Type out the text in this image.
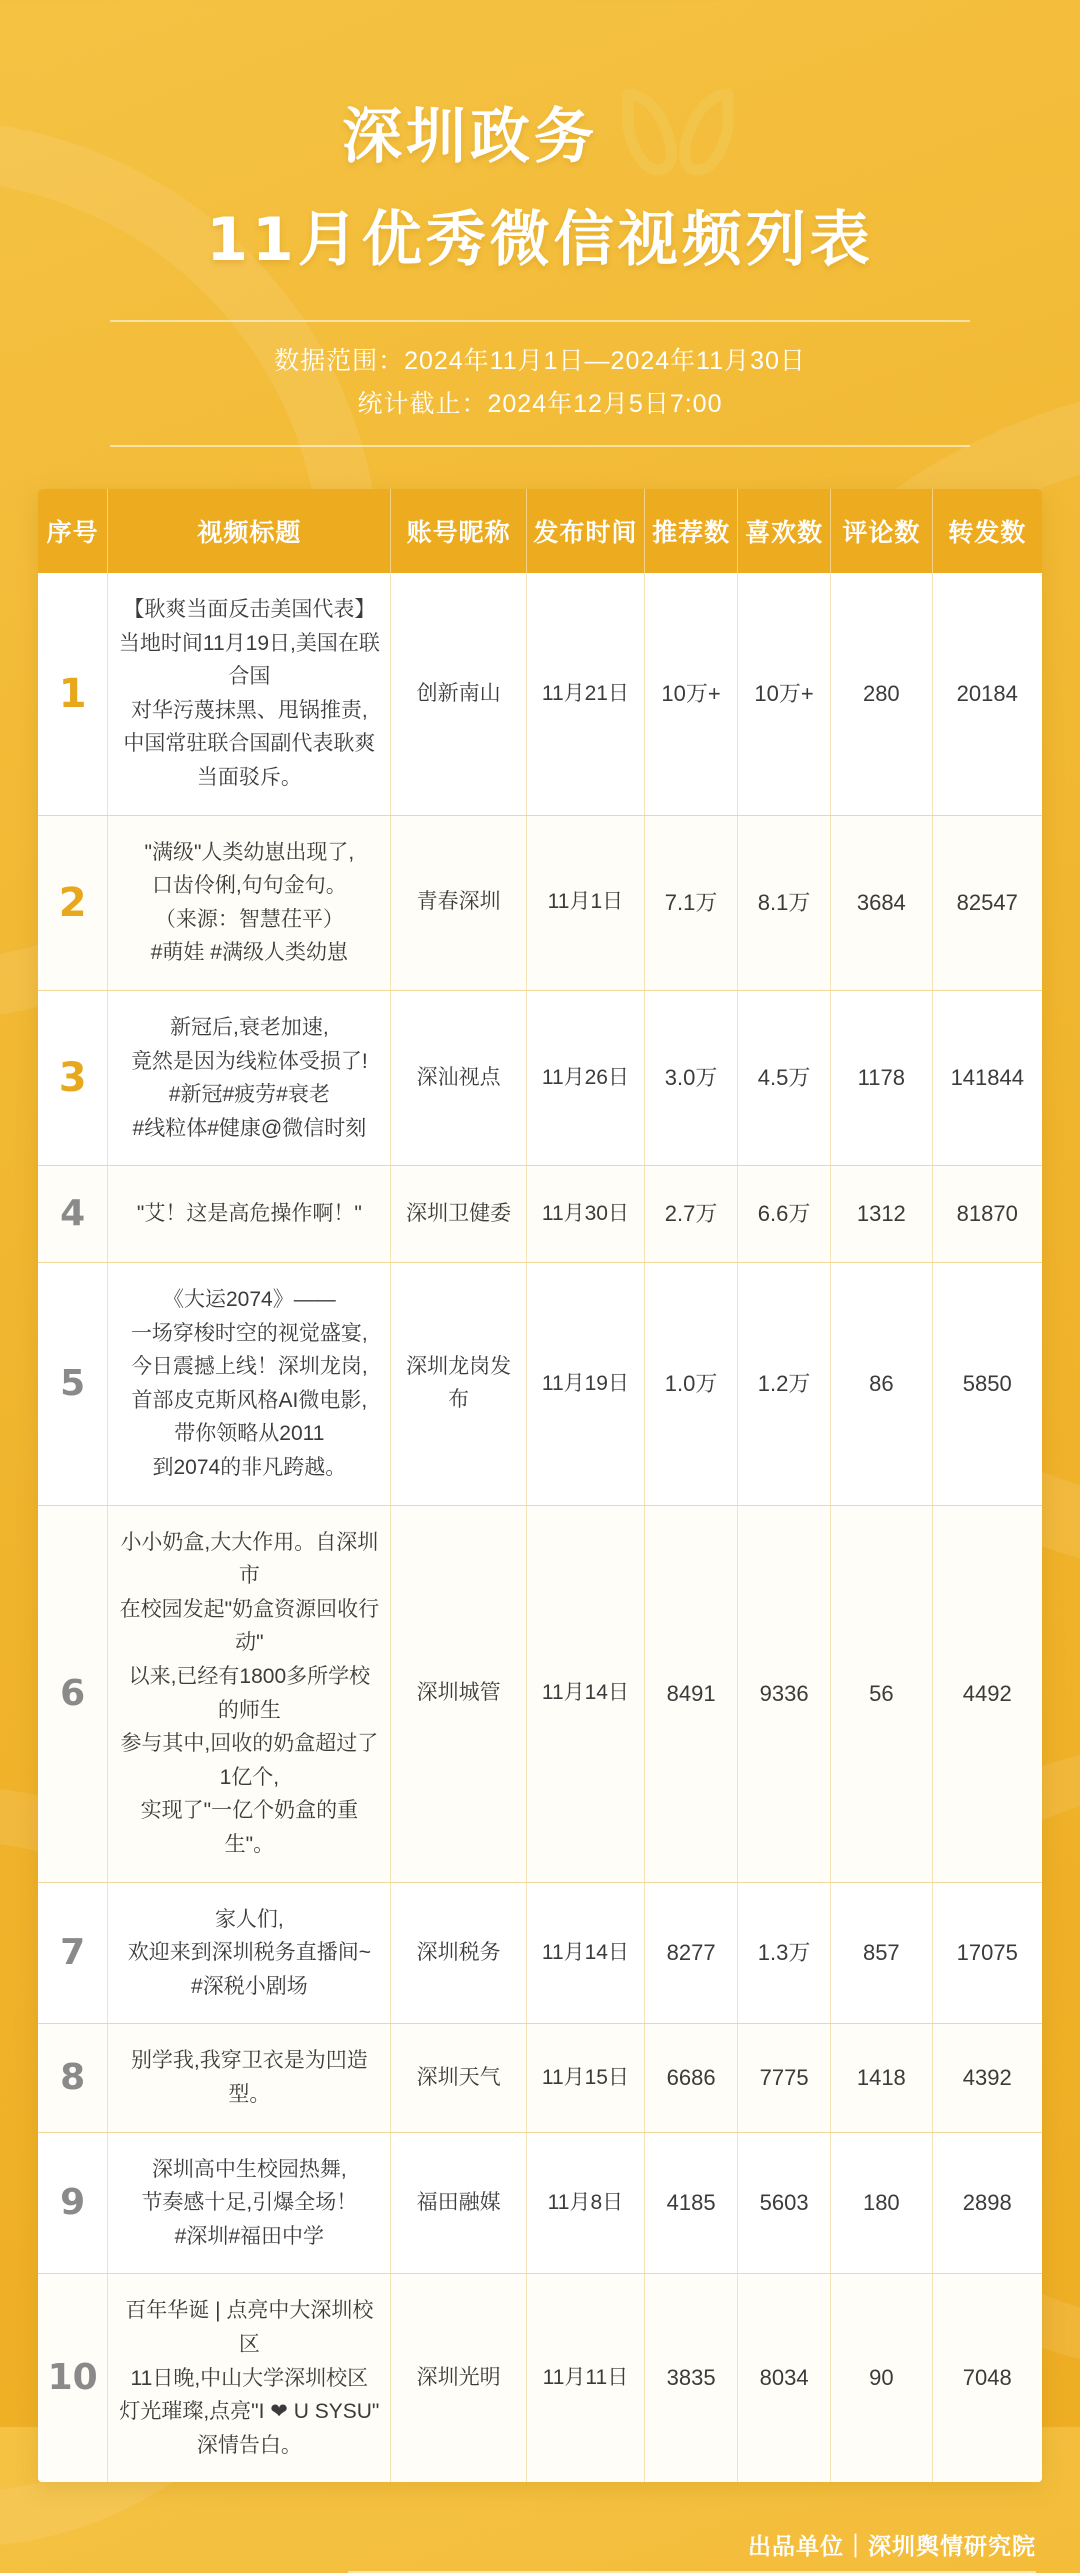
深圳政务
11月优秀微信视频列表
数据范围：2024年11月1日—2024年11月30日
统计截止：2024年12月5日7:00
序号	视频标题	账号昵称	发布时间	推荐数	喜欢数	评论数	转发数
1	【耿爽当面反击美国代表】
当地时间11月19日,美国在联合国
对华污蔑抹黑、甩锅推责,
中国常驻联合国副代表耿爽
当面驳斥。	创新南山	11月21日	10万+	10万+	280	20184
2	"满级"人类幼崽出现了,
口齿伶俐,句句金句。
（来源：智慧茌平）
#萌娃 #满级人类幼崽	青春深圳	11月1日	7.1万	8.1万	3684	82547
3	新冠后,衰老加速,
竟然是因为线粒体受损了!
#新冠#疲劳#衰老
#线粒体#健康@微信时刻	深汕视点	11月26日	3.0万	4.5万	1178	141844
4	"艾！这是高危操作啊！"	深圳卫健委	11月30日	2.7万	6.6万	1312	81870
5	《大运2074》——
一场穿梭时空的视觉盛宴,
今日震撼上线！深圳龙岗,
首部皮克斯风格AI微电影,
带你领略从2011
到2074的非凡跨越。	深圳龙岗发布	11月19日	1.0万	1.2万	86	5850
6	小小奶盒,大大作用。自深圳市
在校园发起"奶盒资源回收行动"
以来,已经有1800多所学校的师生
参与其中,回收的奶盒超过了1亿个,
实现了"一亿个奶盒的重生"。	深圳城管	11月14日	8491	9336	56	4492
7	家人们,
欢迎来到深圳税务直播间~
#深税小剧场	深圳税务	11月14日	8277	1.3万	857	17075
8	别学我,我穿卫衣是为凹造型。	深圳天气	11月15日	6686	7775	1418	4392
9	深圳高中生校园热舞,
节奏感十足,引爆全场！
#深圳#福田中学	福田融媒	11月8日	4185	5603	180	2898
10	百年华诞 | 点亮中大深圳校区
11日晚,中山大学深圳校区
灯光璀璨,点亮"I ❤ U SYSU"
深情告白。	深圳光明	11月11日	3835	8034	90	7048
出品单位｜深圳舆情研究院
